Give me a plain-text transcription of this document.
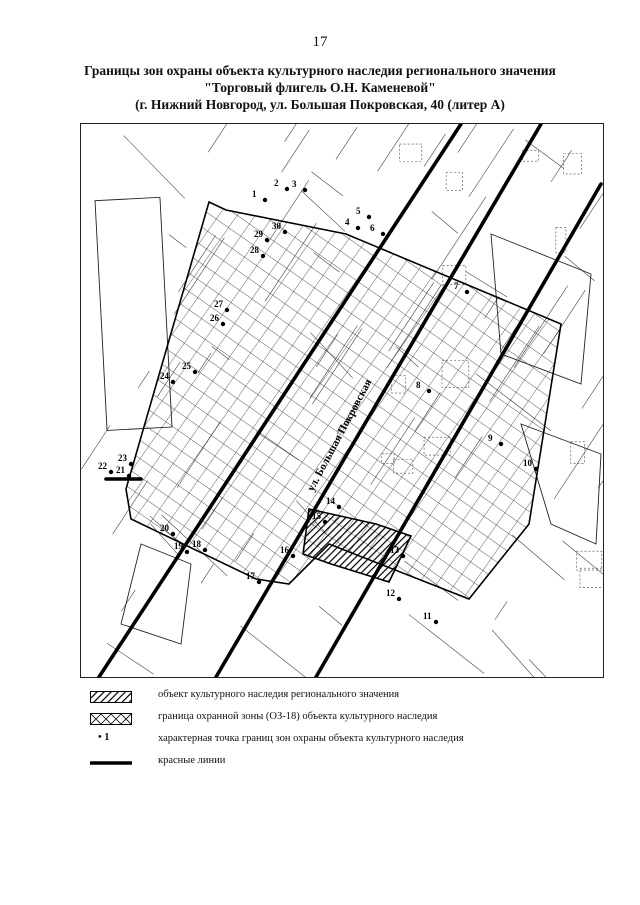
17
Границы зон охраны объекта культурного наследия регионального значения
"Торговый флигель О.Н. Каменевой"
(г. Нижний Новгород, ул. Большая Покровская, 40 (литер А)
ул. Большая Покровская
1
2 3
4
5
6
7
8
9
10
11
12
13
14
15
16
17
18
19
20
21
22
23
24
25
26
27
28
29
30
объект культурного наследия регионального значения
граница охранной зоны (ОЗ-18) объекта культурного наследия
• 1	характерная точка границ зон охраны объекта культурного наследия
красные линии
